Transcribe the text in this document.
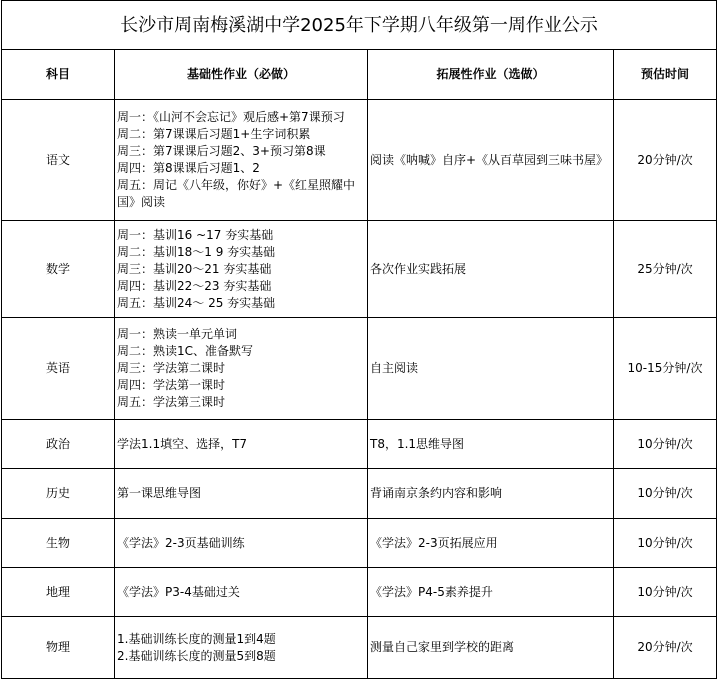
长沙市周南梅溪湖中学2025年下学期八年级第一周作业公示			
科目	基础性作业（必做）	拓展性作业（选做）	预估时间
语文	周一：《山河不会忘记》观后感+第7课预习
周二：第7课课后习题1+生字词积累
周三：第7课课后习题2、3+预习第8课
周四：第8课课后习题1、2
周五：周记《八年级，你好》+《红星照耀中国》阅读	阅读《呐喊》自序+《从百草园到三味书屋》	20分钟/次
数学	周一：基训16 ~17 夯实基础
周二：基训18～1 9 夯实基础
周三：基训20～21 夯实基础
周四：基训22～23 夯实基础
周五：基训24～ 25 夯实基础	各次作业实践拓展	25分钟/次
英语	周一：熟读一单元单词
周二：熟读1C、准备默写
周三：学法第二课时
周四：学法第一课时
周五：学法第三课时	自主阅读	10-15分钟/次
政治	学法1.1填空、选择，T7	T8，1.1思维导图	10分钟/次
历史	第一课思维导图	背诵南京条约内容和影响	10分钟/次
生物	《学法》2-3页基础训练	《学法》2-3页拓展应用	10分钟/次
地理	《学法》P3-4基础过关	《学法》P4-5素养提升	10分钟/次
物理	1.基础训练长度的测量1到4题
2.基础训练长度的测量5到8题	测量自己家里到学校的距离	20分钟/次
